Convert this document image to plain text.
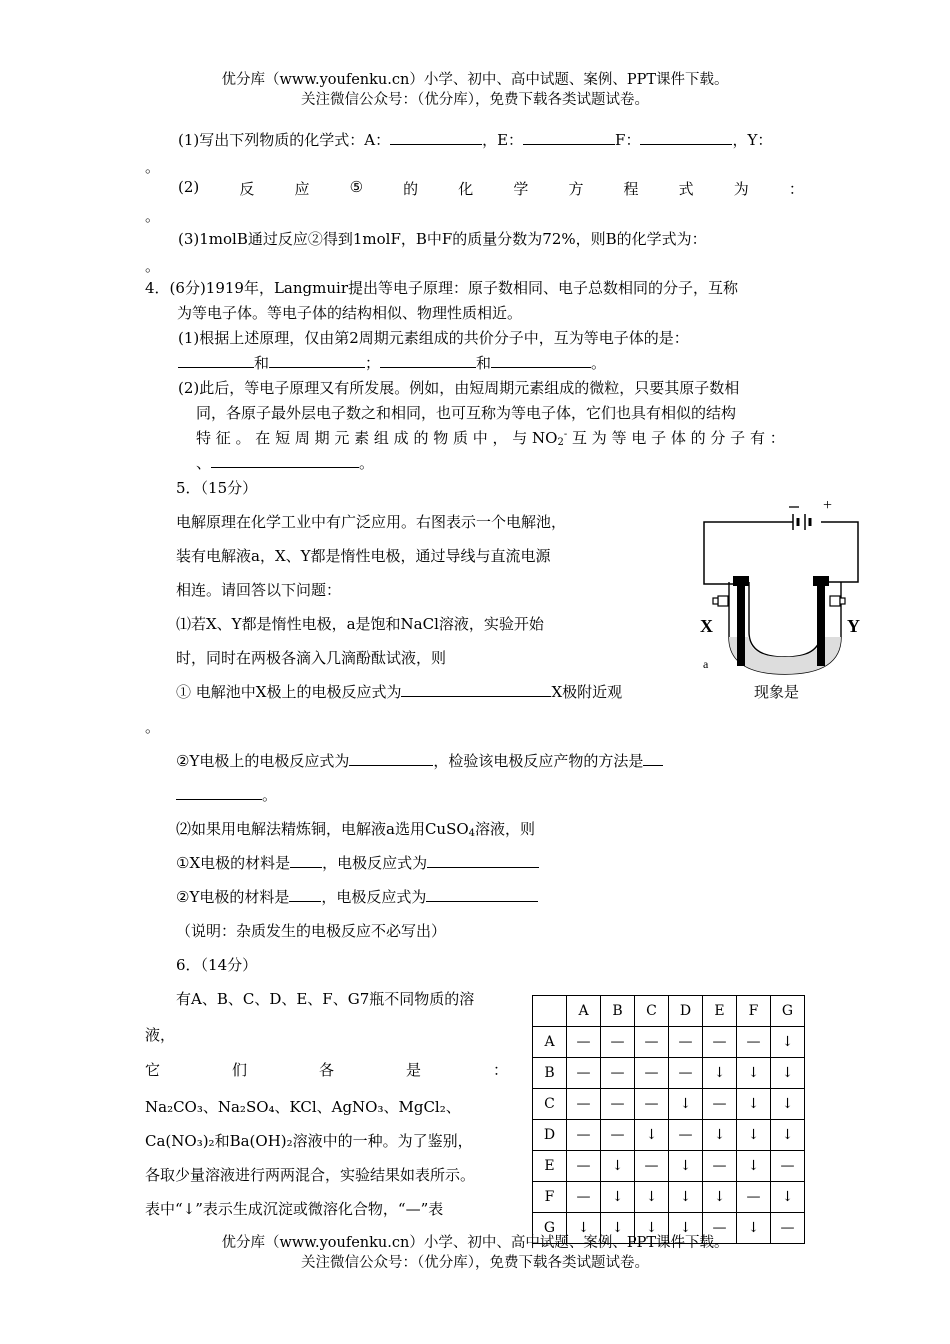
优分库（www.youfenku.cn）小学、初中、高中试题、案例、PPT课件下载。
关注微信公众号：（优分库），免费下载各类试题试卷。
(1)写出下列物质的化学式：A：	，E：	F：	，Y：
。
(2)	反	应	⑤	的	化	学	方	程	式	为	：
。
(3)1molB通过反应②得到1molF，B中F的质量分数为72%，则B的化学式为：
。
4．(6分)1919年，Langmuir提出等电子原理：原子数相同、电子总数相同的分子，互称
为等电子体。等电子体的结构相似、物理性质相近。
(1)根据上述原理，仅由第2周期元素组成的共价分子中，互为等电子体的是：
和	；	和	。
(2)此后，等电子原理又有所发展。例如，由短周期元素组成的微粒，只要其原子数相
同，各原子最外层电子数之和相同，也可互称为等电子体，它们也具有相似的结构
特 征 。 在 短 周 期 元 素 组 成 的 物 质 中 ， 与 $NO_2^-$ 互 为 等 电 子 体 的 分 子 有 ：
、	。
5．（15分）
电解原理在化学工业中有广泛应用。右图表示一个电解池，
装有电解液a，X、Y都是惰性电极，通过导线与直流电源
相连。请回答以下问题：
⑴若X、Y都是惰性电极，a是饱和NaCl溶液，实验开始
时，同时在两极各滴入几滴酚酞试液，则
① 电解池中X极上的电极反应式为	X极附近观	现象是
。
②Y电极上的电极反应式为	，检验该电极反应产物的方法是
。
⑵如果用电解法精炼铜，电解液a选用CuSO$_4$溶液，则
①X电极的材料是 ，电极反应式为
②Y电极的材料是 ，电极反应式为
（说明：杂质发生的电极反应不必写出）
+
X	Y
a
6．（14分）
有A、B、C、D、E、F、G7瓶不同物质的溶
液，
它	们	各	是	：
Na₂CO₃、Na₂SO₄、KCl、AgNO₃、MgCl₂、
Ca(NO₃)₂和Ba(OH)₂溶液中的一种。为了鉴别，
各取少量溶液进行两两混合，实验结果如表所示。
表中“↓”表示生成沉淀或微溶化合物，“—”表
	A	B	C	D	E	F	G
A	—	—	—	—	—	—	↓
B	—	—	—	—	↓	↓	↓
C	—	—	—	↓	—	↓	↓
D	—	—	↓	—	↓	↓	↓
E	—	↓	—	↓	—	↓	—
F	—	↓	↓	↓	↓	—	↓
G	↓	↓	↓	↓	—	↓	—
优分库（www.youfenku.cn）小学、初中、高中试题、案例、PPT课件下载。
关注微信公众号：（优分库），免费下载各类试题试卷。
